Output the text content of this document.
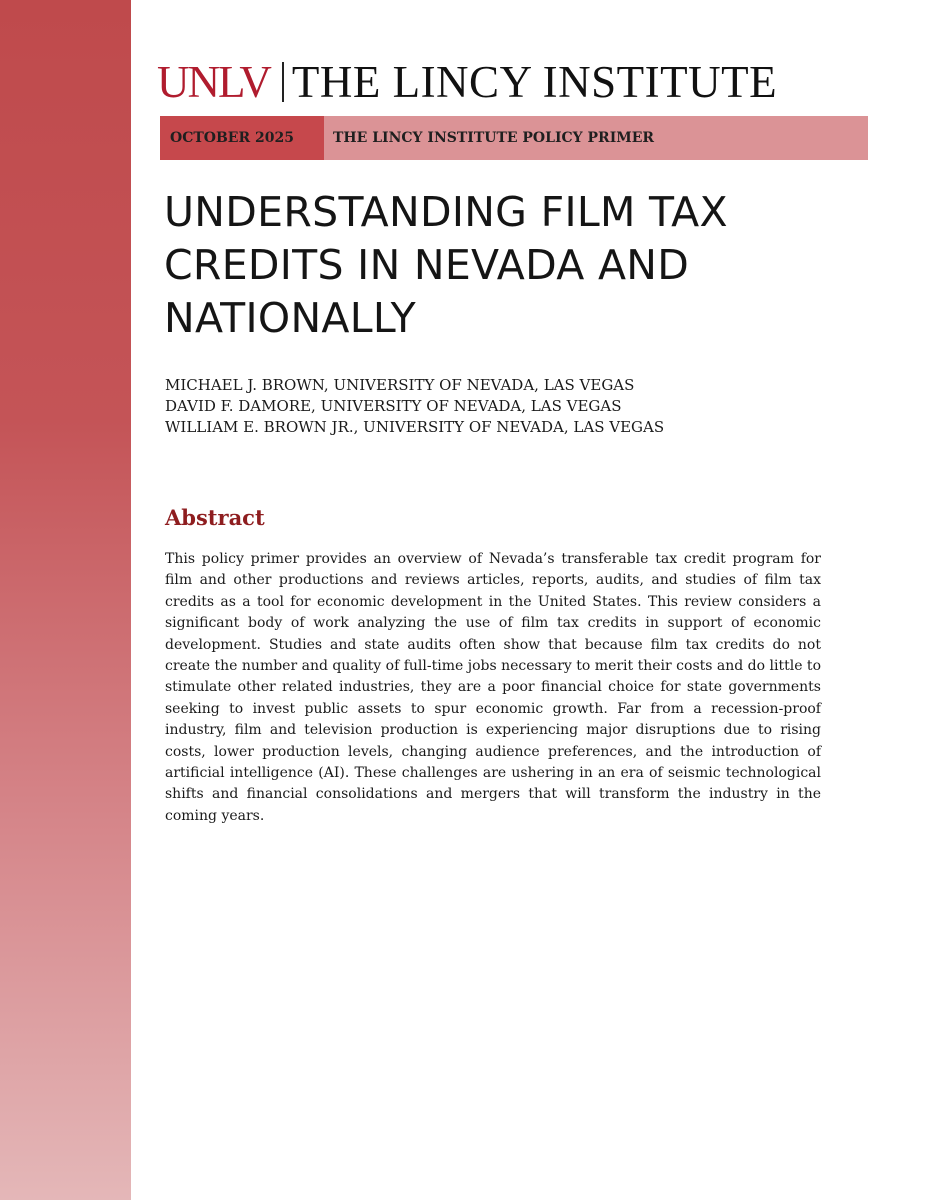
UNLV THE LINCY INSTITUTE
OCTOBER 2025	THE LINCY INSTITUTE POLICY PRIMER
UNDERSTANDING FILM TAX CREDITS IN NEVADA AND NATIONALLY
MICHAEL J. BROWN, UNIVERSITY OF NEVADA, LAS VEGAS
DAVID F. DAMORE, UNIVERSITY OF NEVADA, LAS VEGAS
WILLIAM E. BROWN JR., UNIVERSITY OF NEVADA, LAS VEGAS
Abstract

This policy primer provides an overview of Nevada’s transferable tax credit program for film and other productions and reviews articles, reports, audits, and studies of film tax credits as a tool for economic development in the United States. This review considers a significant body of work analyzing the use of film tax credits in support of economic development. Studies and state audits often show that because film tax credits do not create the number and quality of full-time jobs necessary to merit their costs and do little to stimulate other related industries, they are a poor financial choice for state governments seeking to invest public assets to spur economic growth. Far from a recession-proof industry, film and television production is experiencing major disruptions due to rising costs, lower production levels, changing audience preferences, and the introduction of artificial intelligence (AI). These challenges are ushering in an era of seismic technological shifts and financial consolidations and mergers that will transform the industry in the coming years.
